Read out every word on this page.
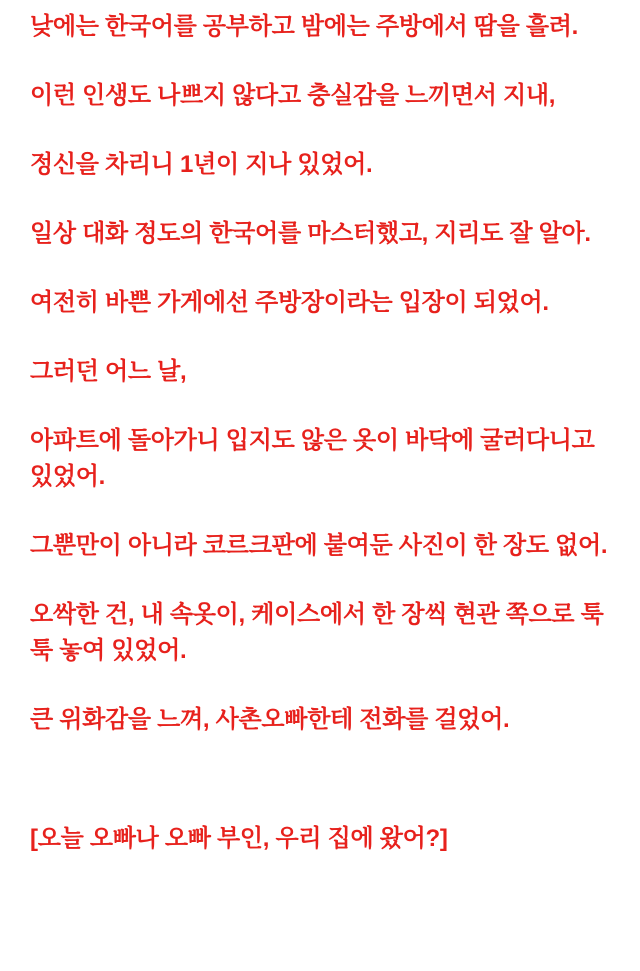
낮에는 한국어를 공부하고 밤에는 주방에서 땀을 흘려.

이런 인생도 나쁘지 않다고 충실감을 느끼면서 지내,

정신을 차리니 1년이 지나 있었어.

일상 대화 정도의 한국어를 마스터했고, 지리도 잘 알아.

여전히 바쁜 가게에선 주방장이라는 입장이 되었어.

그러던 어느 날,

아파트에 돌아가니 입지도 않은 옷이 바닥에 굴러다니고 있었어.

그뿐만이 아니라 코르크판에 붙여둔 사진이 한 장도 없어.

오싹한 건, 내 속옷이, 케이스에서 한 장씩 현관 쪽으로 툭툭 놓여 있었어.

큰 위화감을 느껴, 사촌오빠한테 전화를 걸었어.

[오늘 오빠나 오빠 부인, 우리 집에 왔어?]
